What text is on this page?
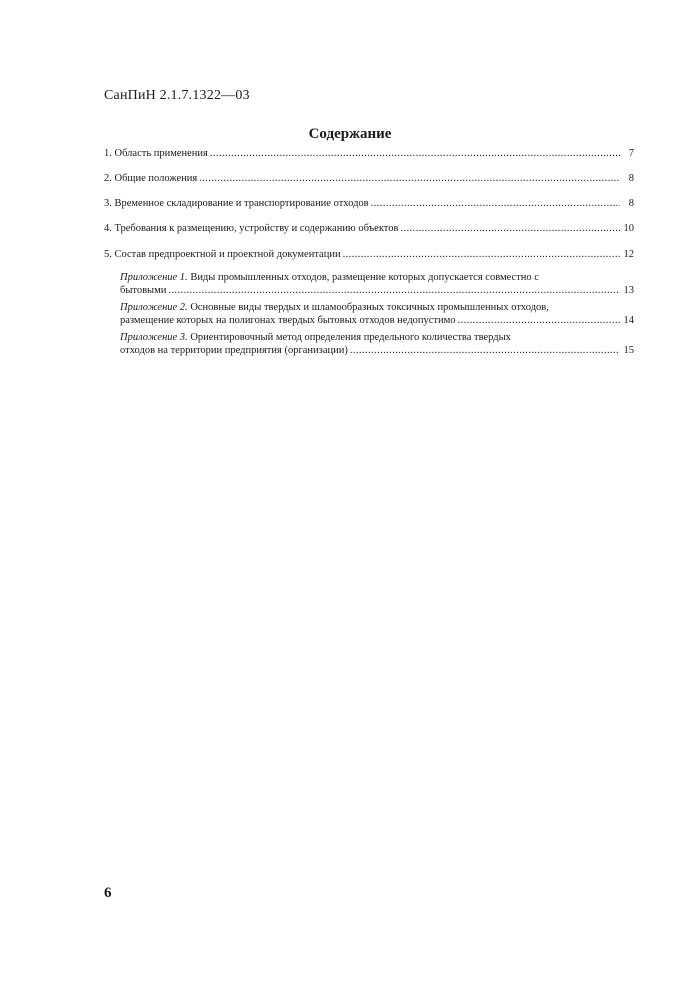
СанПиН 2.1.7.1322—03
Содержание
1. Область применения .....	7
2. Общие положения .....	8
3. Временное складирование и транспортирование отходов .....	8
4. Требования к размещению, устройству и содержанию объектов .....	10
5. Состав предпроектной и проектной документации .....	12
Приложение 1. Виды промышленных отходов, размещение которых допускается совместно с
бытовыми .....	13
Приложение 2. Основные виды твердых и шламообразных токсичных промышленных отходов,
размещение которых на полигонах твердых бытовых отходов недопустимо .....	14
Приложение 3. Ориентировочный метод определения предельного количества твердых
отходов на территории предприятия (организации) .....	15
6
